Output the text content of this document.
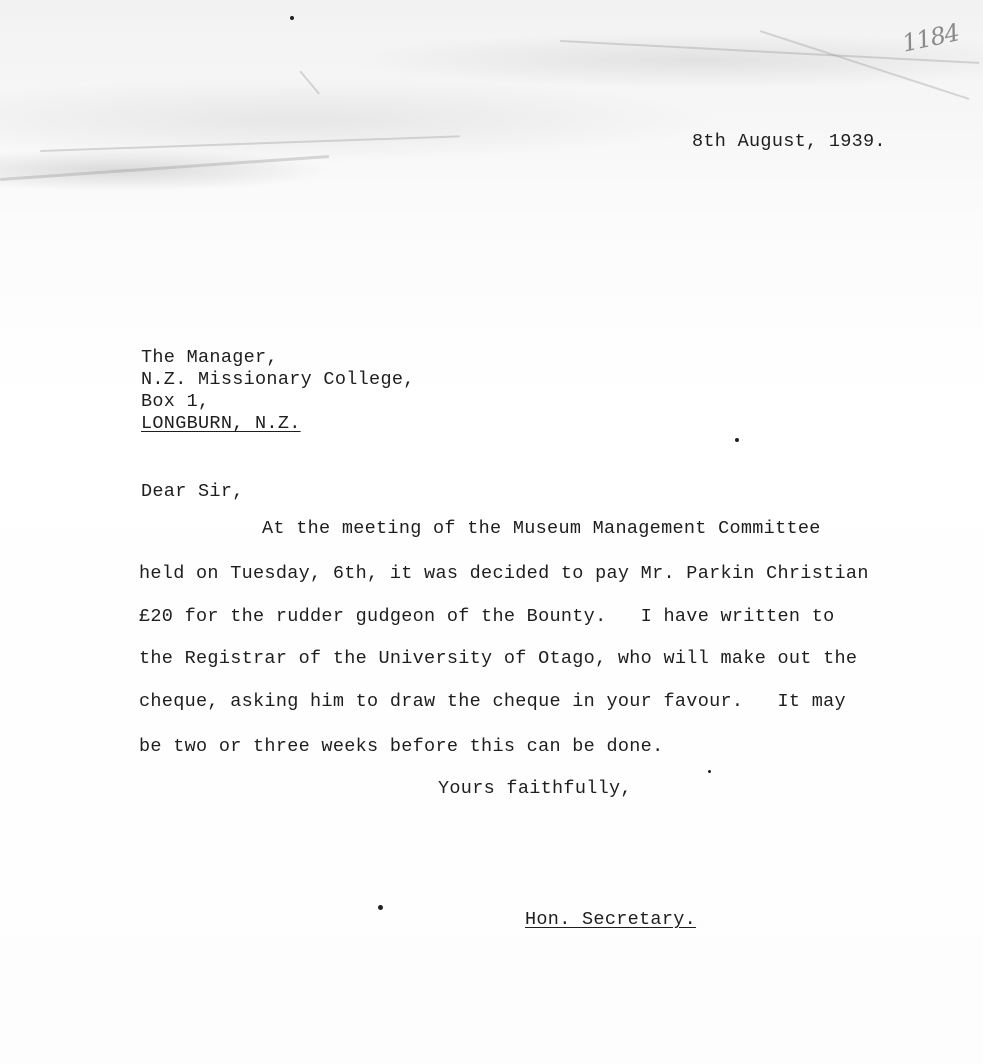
1184
8th August, 1939.
The Manager,
N.Z. Missionary College,
Box 1,
LONGBURN, N.Z.
Dear Sir,
At the meeting of the Museum Management Committee
held on Tuesday, 6th, it was decided to pay Mr. Parkin Christian
£20 for the rudder gudgeon of the Bounty.   I have written to
the Registrar of the University of Otago, who will make out the
cheque, asking him to draw the cheque in your favour.   It may
be two or three weeks before this can be done.
Yours faithfully,
Hon. Secretary.
